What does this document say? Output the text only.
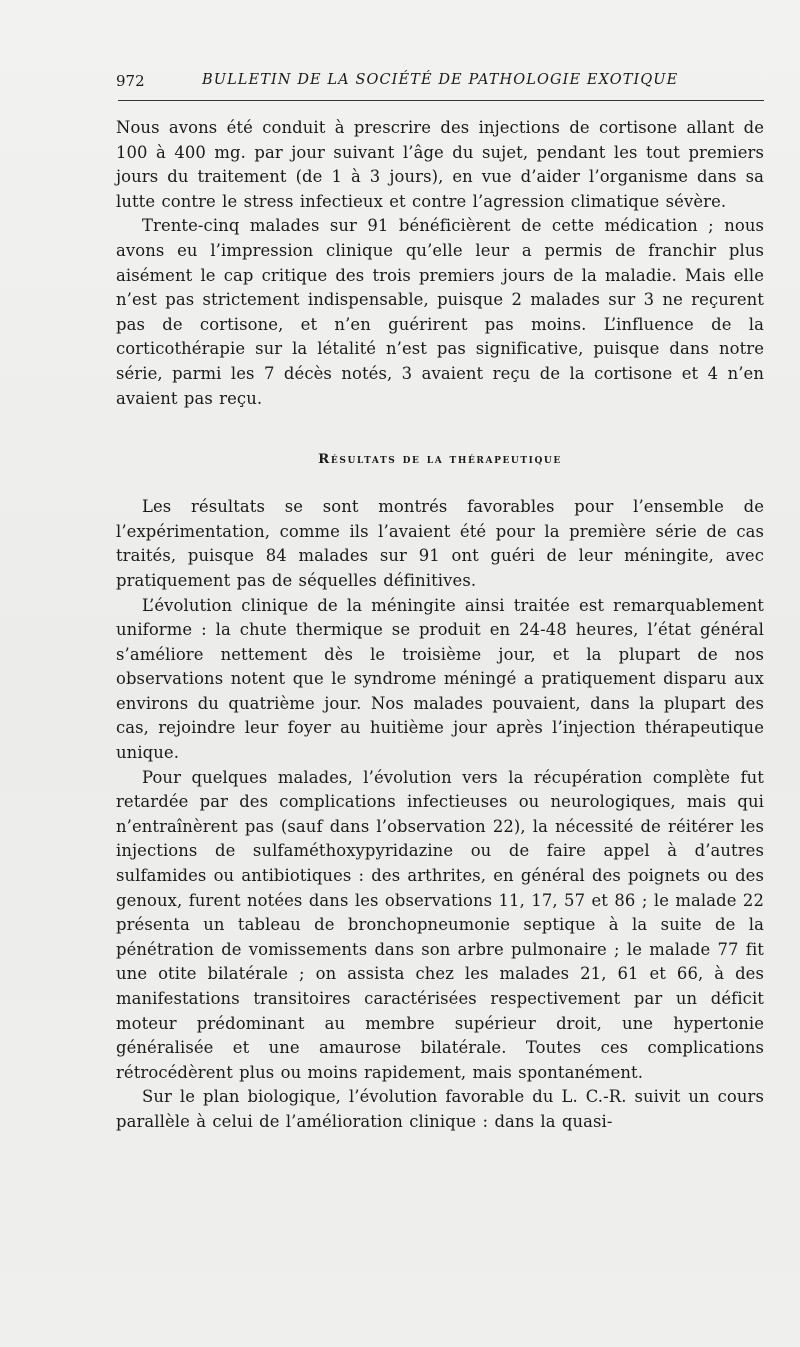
972	BULLETIN DE LA SOCIÉTÉ DE PATHOLOGIE EXOTIQUE

Nous avons été conduit à prescrire des injections de cortisone allant de 100 à 400 mg. par jour suivant l’âge du sujet, pendant les tout premiers jours du traitement (de 1 à 3 jours), en vue d’aider l’organisme dans sa lutte contre le stress infectieux et contre l’agression climatique sévère.

Trente-cinq malades sur 91 bénéficièrent de cette médication ; nous avons eu l’impression clinique qu’elle leur a permis de franchir plus aisément le cap critique des trois premiers jours de la maladie. Mais elle n’est pas strictement indispensable, puisque 2 malades sur 3 ne reçurent pas de cortisone, et n’en guérirent pas moins. L’influence de la corticothérapie sur la létalité n’est pas significative, puisque dans notre série, parmi les 7 décès notés, 3 avaient reçu de la cortisone et 4 n’en avaient pas reçu.

Résultats de la thérapeutique

Les résultats se sont montrés favorables pour l’ensemble de l’expérimentation, comme ils l’avaient été pour la première série de cas traités, puisque 84 malades sur 91 ont guéri de leur méningite, avec pratiquement pas de séquelles définitives.

L’évolution clinique de la méningite ainsi traitée est remarquablement uniforme : la chute thermique se produit en 24-48 heures, l’état général s’améliore nettement dès le troisième jour, et la plupart de nos observations notent que le syndrome méningé a pratiquement disparu aux environs du quatrième jour. Nos malades pouvaient, dans la plupart des cas, rejoindre leur foyer au huitième jour après l’injection thérapeutique unique.

Pour quelques malades, l’évolution vers la récupération complète fut retardée par des complications infectieuses ou neurologiques, mais qui n’entraînèrent pas (sauf dans l’observation 22), la nécessité de réitérer les injections de sulfaméthoxypyridazine ou de faire appel à d’autres sulfamides ou antibiotiques : des arthrites, en général des poignets ou des genoux, furent notées dans les observations 11, 17, 57 et 86 ; le malade 22 présenta un tableau de bronchopneumonie septique à la suite de la pénétration de vomissements dans son arbre pulmonaire ; le malade 77 fit une otite bilatérale ; on assista chez les malades 21, 61 et 66, à des manifestations transitoires caractérisées respectivement par un déficit moteur prédominant au membre supérieur droit, une hypertonie généralisée et une amaurose bilatérale. Toutes ces complications rétrocédèrent plus ou moins rapidement, mais spontanément.

Sur le plan biologique, l’évolution favorable du L. C.-R. suivit un cours parallèle à celui de l’amélioration clinique : dans la quasi-
